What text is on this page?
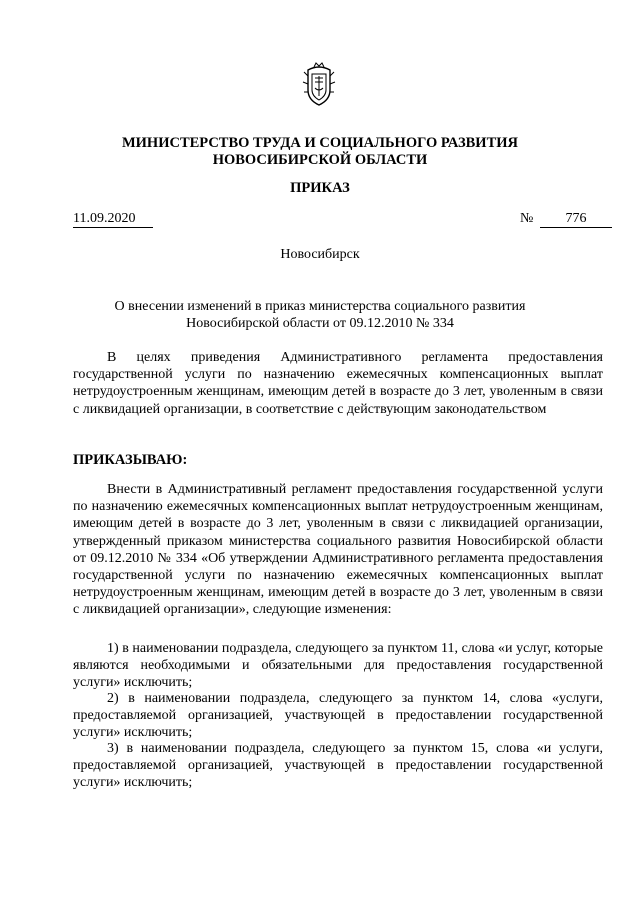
МИНИСТЕРСТВО ТРУДА И СОЦИАЛЬНОГО РАЗВИТИЯ
НОВОСИБИРСКОЙ ОБЛАСТИ
ПРИКАЗ
11.09.2020	№	776
Новосибирск
О внесении изменений в приказ министерства социального развития
Новосибирской области от 09.12.2010 № 334
В целях приведения Административного регламента предоставления государственной услуги по назначению ежемесячных компенсационных выплат нетрудоустроенным женщинам, имеющим детей в возрасте до 3 лет, уволенным в связи с ликвидацией организации, в соответствие с действующим законодательством
ПРИКАЗЫВАЮ:
Внести в Административный регламент предоставления государственной услуги по назначению ежемесячных компенсационных выплат нетрудоустроенным женщинам, имеющим детей в возрасте до 3 лет, уволенным в связи с ликвидацией организации, утвержденный приказом министерства социального развития Новосибирской области от 09.12.2010 № 334 «Об утверждении Административного регламента предоставления государственной услуги по назначению ежемесячных компенсационных выплат нетрудоустроенным женщинам, имеющим детей в возрасте до 3 лет, уволенным в связи с ликвидацией организации», следующие изменения:
1) в наименовании подраздела, следующего за пунктом 11, слова «и услуг, которые являются необходимыми и обязательными для предоставления государственной услуги» исключить;
2) в наименовании подраздела, следующего за пунктом 14, слова «услуги, предоставляемой организацией, участвующей в предоставлении государственной услуги» исключить;
3) в наименовании подраздела, следующего за пунктом 15, слова «и услуги, предоставляемой организацией, участвующей в предоставлении государственной услуги» исключить;
